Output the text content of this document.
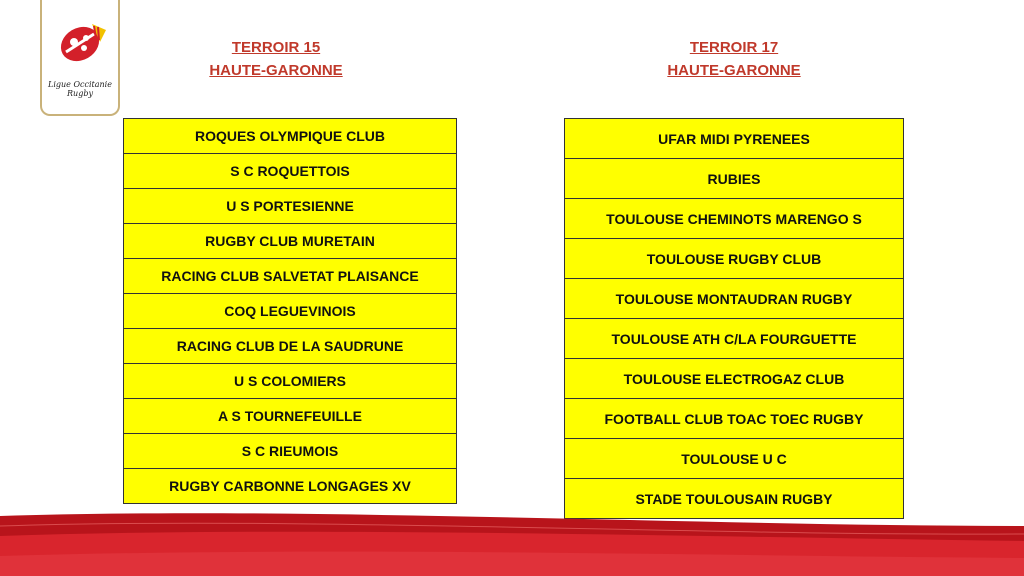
Ligue Occitanie Rugby
TERROIR 15
HAUTE-GARONNE
TERROIR 17
HAUTE-GARONNE
ROQUES OLYMPIQUE CLUB
S C ROQUETTOIS
U S PORTESIENNE
RUGBY CLUB MURETAIN
RACING CLUB SALVETAT PLAISANCE
COQ LEGUEVINOIS
RACING CLUB DE LA SAUDRUNE
U S COLOMIERS
A S TOURNEFEUILLE
S C RIEUMOIS
RUGBY CARBONNE LONGAGES XV
UFAR MIDI PYRENEES
RUBIES
TOULOUSE CHEMINOTS MARENGO S
TOULOUSE RUGBY CLUB
TOULOUSE MONTAUDRAN RUGBY
TOULOUSE ATH C/LA FOURGUETTE
TOULOUSE ELECTROGAZ CLUB
FOOTBALL CLUB TOAC TOEC RUGBY
TOULOUSE U C
STADE TOULOUSAIN RUGBY
